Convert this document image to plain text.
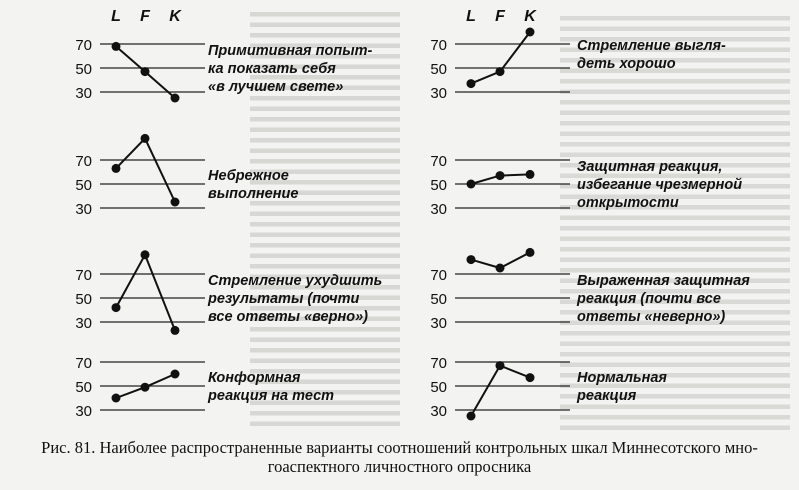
70
50
30
L F K
Примитивная попыт-
ка показать себя
«в лучшем свете»
70
50
30
L F K
Стремление выгля-
деть хорошо
70
50
30
Небрежное
выполнение
70
50
30
Защитная реакция,
избегание чрезмерной
открытости
70
50
30
Стремление ухудшить
результаты (почти
все ответы «верно»)
70
50
30
Выраженная защитная
реакция (почти все
ответы «неверно»)
70
50
30
Конформная
реакция на тест
70
50
30
Нормальная
реакция
Рис. 81. Наиболее распространенные варианты соотношений контрольных шкал Миннесотского мно-
гоаспектного личностного опросника
